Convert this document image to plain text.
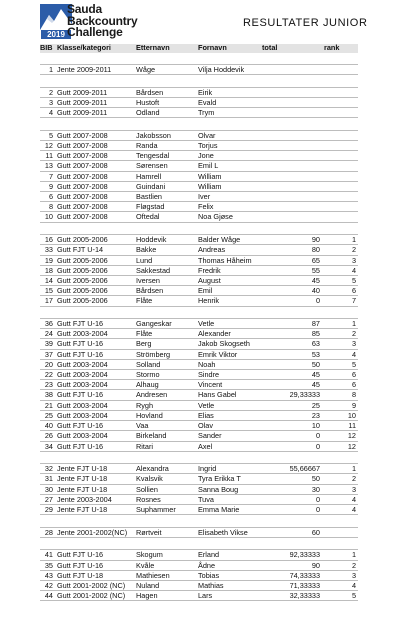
2019
Sauda
Backcountry
Challenge
RESULTATER JUNIOR
BIB	Klasse/kategori	Etternavn	Fornavn	total	rank

1	Jente 2009-2011	Wåge	Vilja Hoddevik		

2	Gutt 2009-2011	Bårdsen	Eirik		
3	Gutt 2009-2011	Hustoft	Evald		
4	Gutt 2009-2011	Odland	Trym		

5	Gutt 2007-2008	Jakobsson	Olvar		
12	Gutt 2007-2008	Randa	Torjus		
11	Gutt 2007-2008	Tengesdal	Jone		
13	Gutt 2007-2008	Sørensen	Emil L		
7	Gutt 2007-2008	Hamrell	William		
9	Gutt 2007-2008	Guindani	William		
6	Gutt 2007-2008	Bastlien	Iver		
8	Gutt 2007-2008	Fløgstad	Felix		
10	Gutt 2007-2008	Oftedal	Noa Gjøse		

16	Gutt 2005-2006	Hoddevik	Balder Wåge	90	1
33	Gutt FJT U-14	Bakke	Andreas	80	2
19	Gutt 2005-2006	Lund	Thomas Håheim	65	3
18	Gutt 2005-2006	Sakkestad	Fredrik	55	4
14	Gutt 2005-2006	Iversen	August	45	5
15	Gutt 2005-2006	Bårdsen	Emil	40	6
17	Gutt 2005-2006	Flåte	Henrik	0	7

36	Gutt FJT U-16	Gangeskar	Vetle	87	1
24	Gutt 2003-2004	Flåte	Alexander	85	2
39	Gutt FJT U-16	Berg	Jakob Skogseth	63	3
37	Gutt FJT U-16	Strömberg	Emrik Viktor	53	4
20	Gutt 2003-2004	Solland	Noah	50	5
22	Gutt 2003-2004	Stormo	Sindre	45	6
23	Gutt 2003-2004	Alhaug	Vincent	45	6
38	Gutt FJT U-16	Andresen	Hans Gabel	29,33333	8
21	Gutt 2003-2004	Rygh	Vetle	25	9
25	Gutt 2003-2004	Hovland	Elias	23	10
40	Gutt FJT U-16	Vaa	Olav	10	11
26	Gutt 2003-2004	Birkeland	Sander	0	12
34	Gutt FJT U-16	Ritari	Axel	0	12

32	Jente FJT U-18	Alexandra	Ingrid	55,66667	1
31	Jente FJT U-18	Kvalsvik	Tyra Erikka T	50	2
30	Jente FJT U-18	Sollien	Sanna Boug	30	3
27	Jente 2003-2004	Rosnes	Tuva	0	4
29	Jente FJT U-18	Suphammer	Emma Marie	0	4

28	Jente 2001-2002(NC)	Rørtveit	Elisabeth Vikse	60	

41	Gutt FJT U-16	Skogum	Erland	92,33333	1
35	Gutt FJT U-16	Kvåle	Ådne	90	2
43	Gutt FJT U-18	Mathiesen	Tobias	74,33333	3
42	Gutt 2001-2002 (NC)	Nuland	Mathias	71,33333	4
44	Gutt 2001-2002 (NC)	Hagen	Lars	32,33333	5
